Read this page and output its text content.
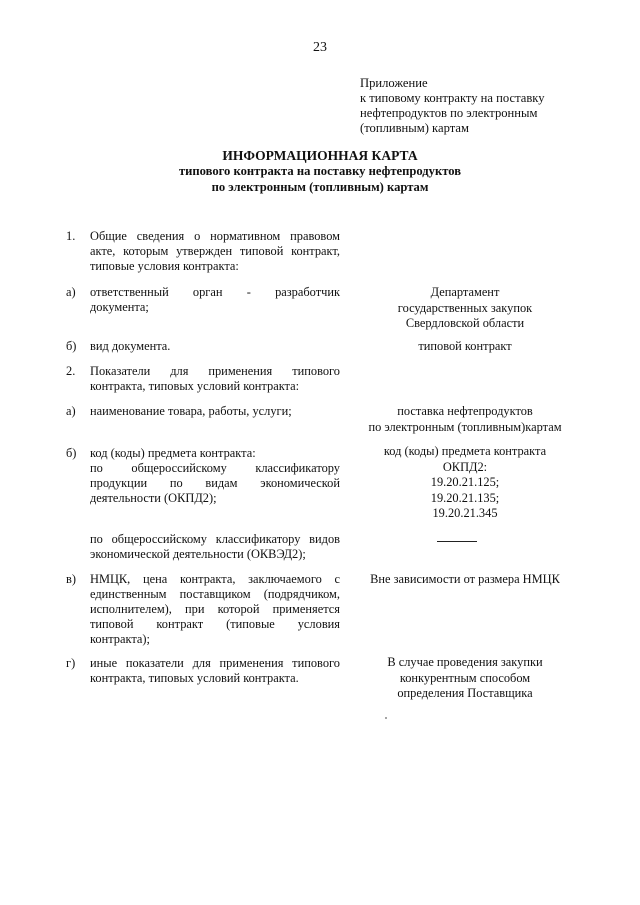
23
Приложение
к типовому контракту на поставку
нефтепродуктов по электронным
(топливным) картам
ИНФОРМАЦИОННАЯ КАРТА
типового контракта на поставку нефтепродуктов
по электронным (топливным) картам
1. Общие сведения о нормативном правовом
акте, которым утвержден типовой контракт,
типовые условия контракта:
а) ответственный орган - разработчик
документа;
Департамент
государственных закупок
Свердловской области
б) вид документа.	типовой контракт
2. Показатели для применения типового
контракта, типовых условий контракта:
а) наименование товара, работы, услуги;	поставка нефтепродуктов
по электронным (топливным)картам
б) код (коды) предмета контракта:
по общероссийскому классификатору
продукции по видам экономической
деятельности (ОКПД2);
код (коды) предмета контракта
ОКПД2:
19.20.21.125;
19.20.21.135;
19.20.21.345
по общероссийскому классификатору видов
экономической деятельности (ОКВЭД2);
в) НМЦК, цена контракта, заключаемого с
единственным поставщиком (подрядчиком,
исполнителем), при которой применяется
типовой контракт (типовые условия
контракта);
Вне зависимости от размера НМЦК
г) иные показатели для применения типового
контракта, типовых условий контракта.
В случае проведения закупки
конкурентным способом
определения Поставщика
